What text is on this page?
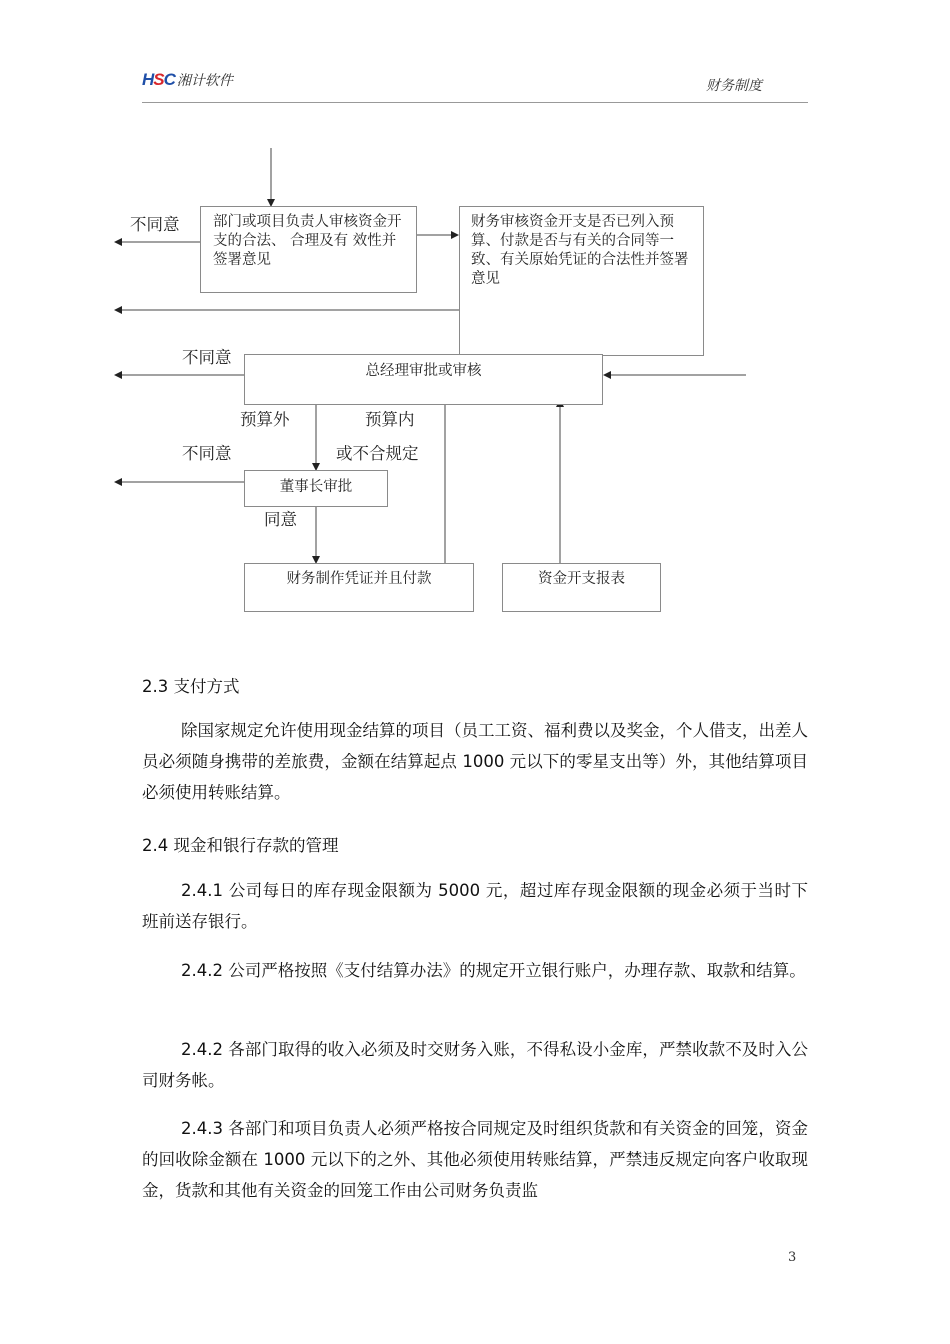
HSC 湘计软件	财务制度
部门或项目负责人审核资金开支的合法、 合理及有 效性并签署意见
财务审核资金开支是否已列入预算、付款是否与有关的合同等一致、有关原始凭证的合法性并签署意见
总经理审批或审核
董事长审批
财务制作凭证并且付款	资金开支报表
不同意
不同意
预算外	预算内
不同意	或不合规定
同意
2.3 支付方式
除国家规定允许使用现金结算的项目（员工工资、福利费以及奖金，个人借支，出差人员必须随身携带的差旅费，金额在结算起点 1000 元以下的零星支出等）外，其他结算项目必须使用转账结算。
2.4 现金和银行存款的管理
2.4.1 公司每日的库存现金限额为 5000 元，超过库存现金限额的现金必须于当时下班前送存银行。
2.4.2 公司严格按照《支付结算办法》的规定开立银行账户，办理存款、取款和结算。
2.4.2 各部门取得的收入必须及时交财务入账，不得私设小金库，严禁收款不及时入公司财务帐。
2.4.3 各部门和项目负责人必须严格按合同规定及时组织货款和有关资金的回笼，资金的回收除金额在 1000 元以下的之外、其他必须使用转账结算，严禁违反规定向客户收取现金，货款和其他有关资金的回笼工作由公司财务负责监
3
